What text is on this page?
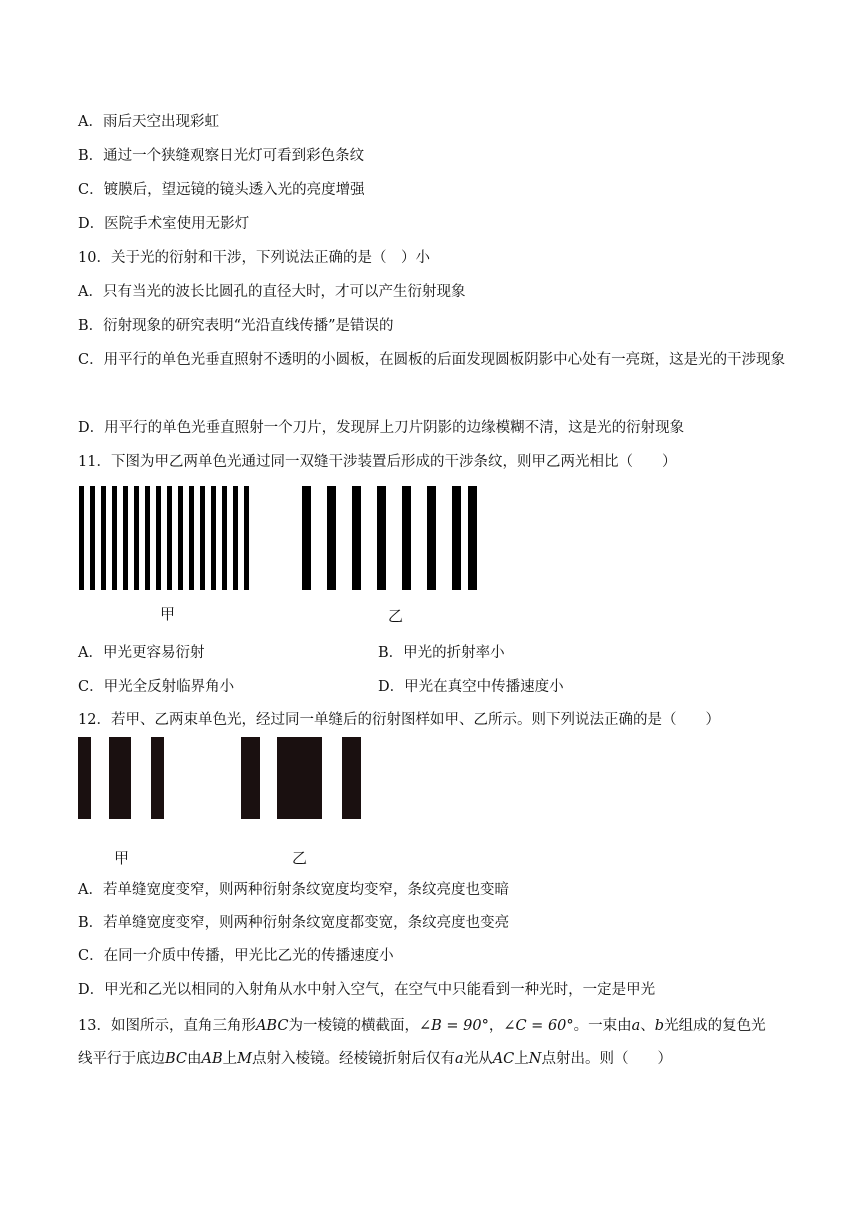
A．雨后天空出现彩虹
B．通过一个狭缝观察日光灯可看到彩色条纹
C．镀膜后，望远镜的镜头透入光的亮度增强
D．医院手术室使用无影灯
10．关于光的衍射和干涉，下列说法正确的是（　）小
A．只有当光的波长比圆孔的直径大时，才可以产生衍射现象
B．衍射现象的研究表明“光沿直线传播”是错误的
C．用平行的单色光垂直照射不透明的小圆板，在圆板的后面发现圆板阴影中心处有一亮斑，这是光的干涉现象
D．用平行的单色光垂直照射一个刀片，发现屏上刀片阴影的边缘模糊不清，这是光的衍射现象
11．下图为甲乙两单色光通过同一双缝干涉装置后形成的干涉条纹，则甲乙两光相比（　　）
甲	乙
A．甲光更容易衍射	B．甲光的折射率小
C．甲光全反射临界角小	D．甲光在真空中传播速度小
12．若甲、乙两束单色光，经过同一单缝后的衍射图样如甲、乙所示。则下列说法正确的是（　　）
甲	乙
A．若单缝宽度变窄，则两种衍射条纹宽度均变窄，条纹亮度也变暗
B．若单缝宽度变窄，则两种衍射条纹宽度都变宽，条纹亮度也变亮
C．在同一介质中传播，甲光比乙光的传播速度小
D．甲光和乙光以相同的入射角从水中射入空气，在空气中只能看到一种光时，一定是甲光
13．如图所示，直角三角形ABC为一棱镜的横截面，∠B = 90°，∠C = 60°。一束由a、b光组成的复色光
线平行于底边BC由AB上M点射入棱镜。经棱镜折射后仅有a光从AC上N点射出。则（　　）
